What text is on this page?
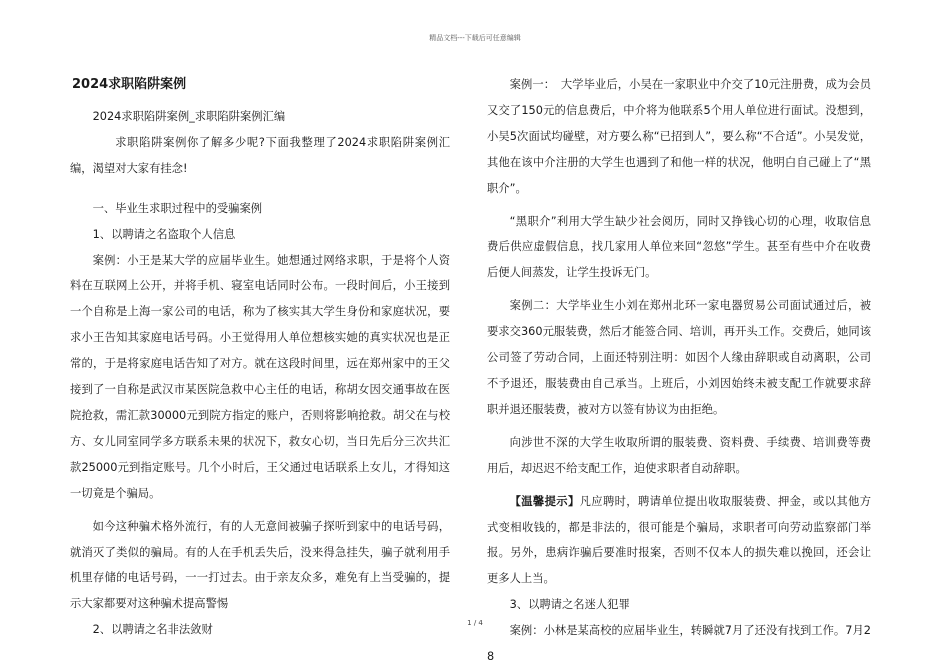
精品文档---下载后可任意编辑
2024求职陷阱案例

2024求职陷阱案例_求职陷阱案例汇编

求职陷阱案例你了解多少呢?下面我整理了2024求职陷阱案例汇编，渴望对大家有挂念!

一、毕业生求职过程中的受骗案例

1、以聘请之名盗取个人信息

案例：小王是某大学的应届毕业生。她想通过网络求职，于是将个人资料在互联网上公开，并将手机、寝室电话同时公布。一段时间后，小王接到一个自称是上海一家公司的电话，称为了核实其大学生身份和家庭状况，要求小王告知其家庭电话号码。小王觉得用人单位想核实她的真实状况也是正常的，于是将家庭电话告知了对方。就在这段时间里，远在郑州家中的王父接到了一自称是武汉市某医院急救中心主任的电话，称胡女因交通事故在医院抢救，需汇款30000元到院方指定的账户，否则将影响抢救。胡父在与校方、女儿同室同学多方联系未果的状况下，救女心切，当日先后分三次共汇款25000元到指定账号。几个小时后，王父通过电话联系上女儿，才得知这一切竟是个骗局。

如今这种骗术格外流行，有的人无意间被骗子探听到家中的电话号码，就消灭了类似的骗局。有的人在手机丢失后，没来得急挂失，骗子就利用手机里存储的电话号码，一一打过去。由于亲友众多，难免有上当受骗的，提示大家都要对这种骗术提高警惕

2、以聘请之名非法敛财

案例一：　大学毕业后，小吴在一家职业中介交了10元注册费，成为会员又交了150元的信息费后，中介将为他联系5个用人单位进行面试。没想到，小吴5次面试均碰壁，对方要么称“已招到人”，要么称“不合适”。小吴发觉，其他在该中介注册的大学生也遇到了和他一样的状况，他明白自己碰上了“黑职介”。

“黑职介”利用大学生缺少社会阅历，同时又挣钱心切的心理，收取信息费后供应虚假信息，找几家用人单位来回“忽悠”学生。甚至有些中介在收费后便人间蒸发，让学生投诉无门。

案例二：大学毕业生小刘在郑州北环一家电器贸易公司面试通过后，被要求交360元服装费，然后才能签合同、培训，再开头工作。交费后，她同该公司签了劳动合同，上面还特别注明：如因个人缘由辞职或自动离职，公司不予退还，服装费由自己承当。上班后，小刘因始终未被支配工作就要求辞职并退还服装费，被对方以签有协议为由拒绝。

向涉世不深的大学生收取所谓的服装费、资料费、手续费、培训费等费用后，却迟迟不给支配工作，迫使求职者自动辞职。

【温馨提示】凡应聘时，聘请单位提出收取服装费、押金，或以其他方式变相收钱的，都是非法的，很可能是个骗局，求职者可向劳动监察部门举报。另外，患病诈骗后要准时报案，否则不仅本人的损失难以挽回，还会让更多人上当。

3、以聘请之名迷人犯罪

案例：小林是某高校的应届毕业生，转瞬就7月了还没有找到工作。7月28

1 / 4
